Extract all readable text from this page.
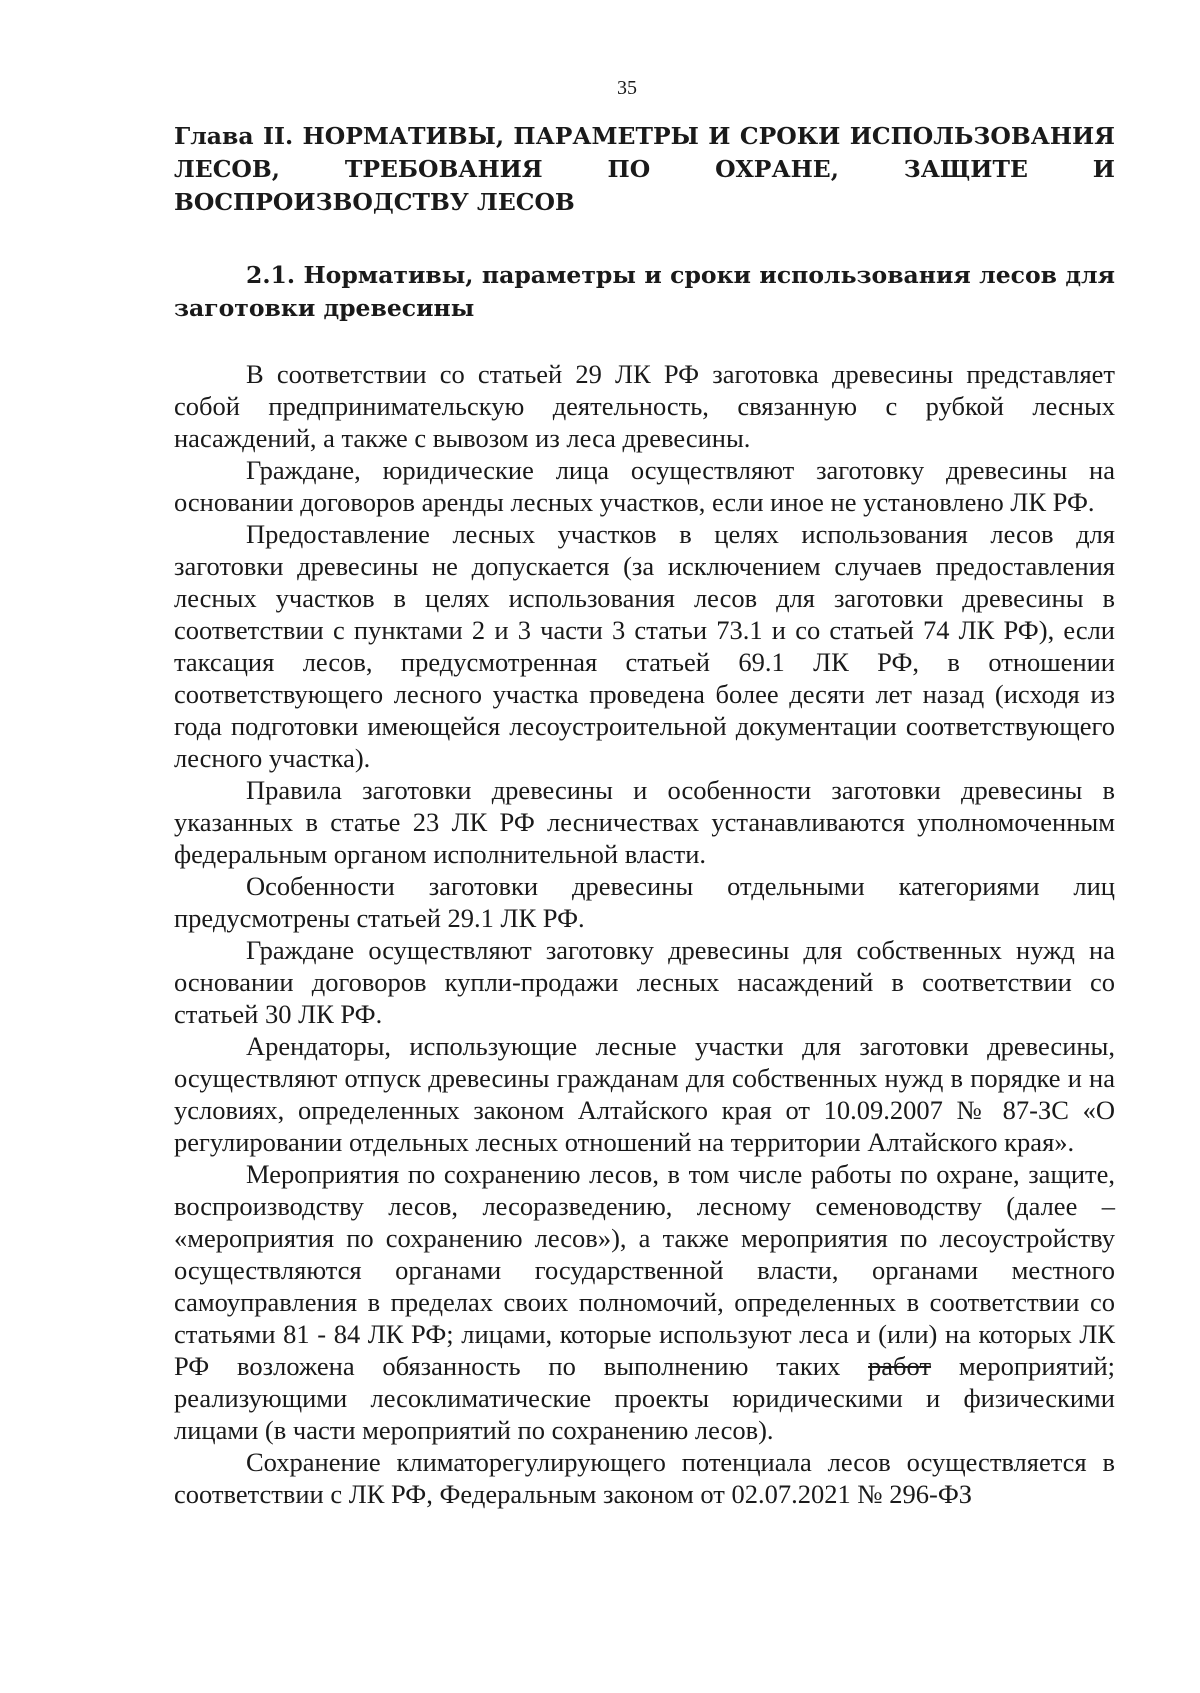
35
Глава II. НОРМАТИВЫ, ПАРАМЕТРЫ И СРОКИ ИСПОЛЬЗОВАНИЯ ЛЕСОВ, ТРЕБОВАНИЯ ПО ОХРАНЕ, ЗАЩИТЕ И ВОСПРОИЗВОДСТВУ ЛЕСОВ
2.1. Нормативы, параметры и сроки использования лесов для заготовки древесины

В соответствии со статьей 29 ЛК РФ заготовка древесины представляет собой предпринимательскую деятельность, связанную с рубкой лесных насаждений, а также с вывозом из леса древесины.

Граждане, юридические лица осуществляют заготовку древесины на основании договоров аренды лесных участков, если иное не установлено ЛК РФ.

Предоставление лесных участков в целях использования лесов для заготовки древесины не допускается (за исключением случаев предоставления лесных участков в целях использования лесов для заготовки древесины в соответствии с пунктами 2 и 3 части 3 статьи 73.1 и со статьей 74 ЛК РФ), если таксация лесов, предусмотренная статьей 69.1 ЛК РФ, в отношении соответствующего лесного участка проведена более десяти лет назад (исходя из года подготовки имеющейся лесоустроительной документации соответствующего лесного участка).

Правила заготовки древесины и особенности заготовки древесины в указанных в статье 23 ЛК РФ лесничествах устанавливаются уполномоченным федеральным органом исполнительной власти.

Особенности заготовки древесины отдельными категориями лиц предусмотрены статьей 29.1 ЛК РФ.

Граждане осуществляют заготовку древесины для собственных нужд на основании договоров купли-продажи лесных насаждений в соответствии со статьей 30 ЛК РФ.

Арендаторы, использующие лесные участки для заготовки древесины, осуществляют отпуск древесины гражданам для собственных нужд в порядке и на условиях, определенных законом Алтайского края от 10.09.2007 № 87-ЗС «О регулировании отдельных лесных отношений на территории Алтайского края».

Мероприятия по сохранению лесов, в том числе работы по охране, защите, воспроизводству лесов, лесоразведению, лесному семеноводству (далее – «мероприятия по сохранению лесов»), а также мероприятия по лесоустройству осуществляются органами государственной власти, органами местного самоуправления в пределах своих полномочий, определенных в соответствии со статьями 81 - 84 ЛК РФ; лицами, которые используют леса и (или) на которых ЛК РФ возложена обязанность по выполнению таких работ мероприятий; реализующими лесоклиматические проекты юридическими и физическими лицами (в части мероприятий по сохранению лесов).

Сохранение климаторегулирующего потенциала лесов осуществляется в соответствии с ЛК РФ, Федеральным законом от 02.07.2021 № 296-ФЗ
